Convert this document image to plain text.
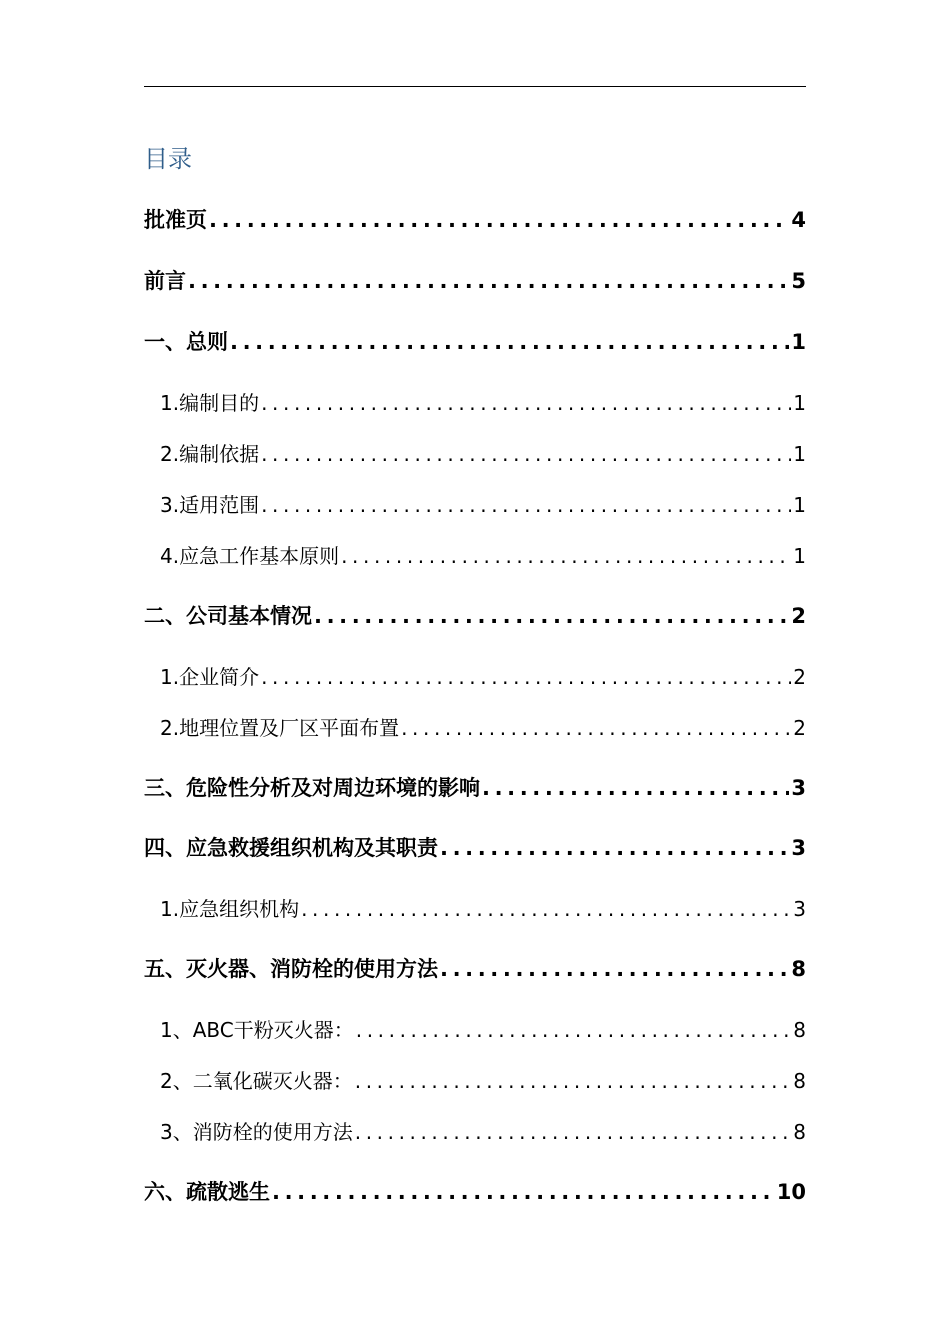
目录
批准页 .....	4
前言 .....	5
一、总则 .....	1
1.编制目的 .....	1
2.编制依据 .....	1
3.适用范围 .....	1
4.应急工作基本原则 .....	1
二、公司基本情况 .....	2
1.企业简介 .....	2
2.地理位置及厂区平面布置 .....	2
三、危险性分析及对周边环境的影响 .....	3
四、应急救援组织机构及其职责 .....	3
1.应急组织机构 .....	3
五、灭火器、消防栓的使用方法 .....	8
1、ABC干粉灭火器： .....	8
2、二氧化碳灭火器： .....	8
3、消防栓的使用方法 .....	8
六、疏散逃生 .....	10
